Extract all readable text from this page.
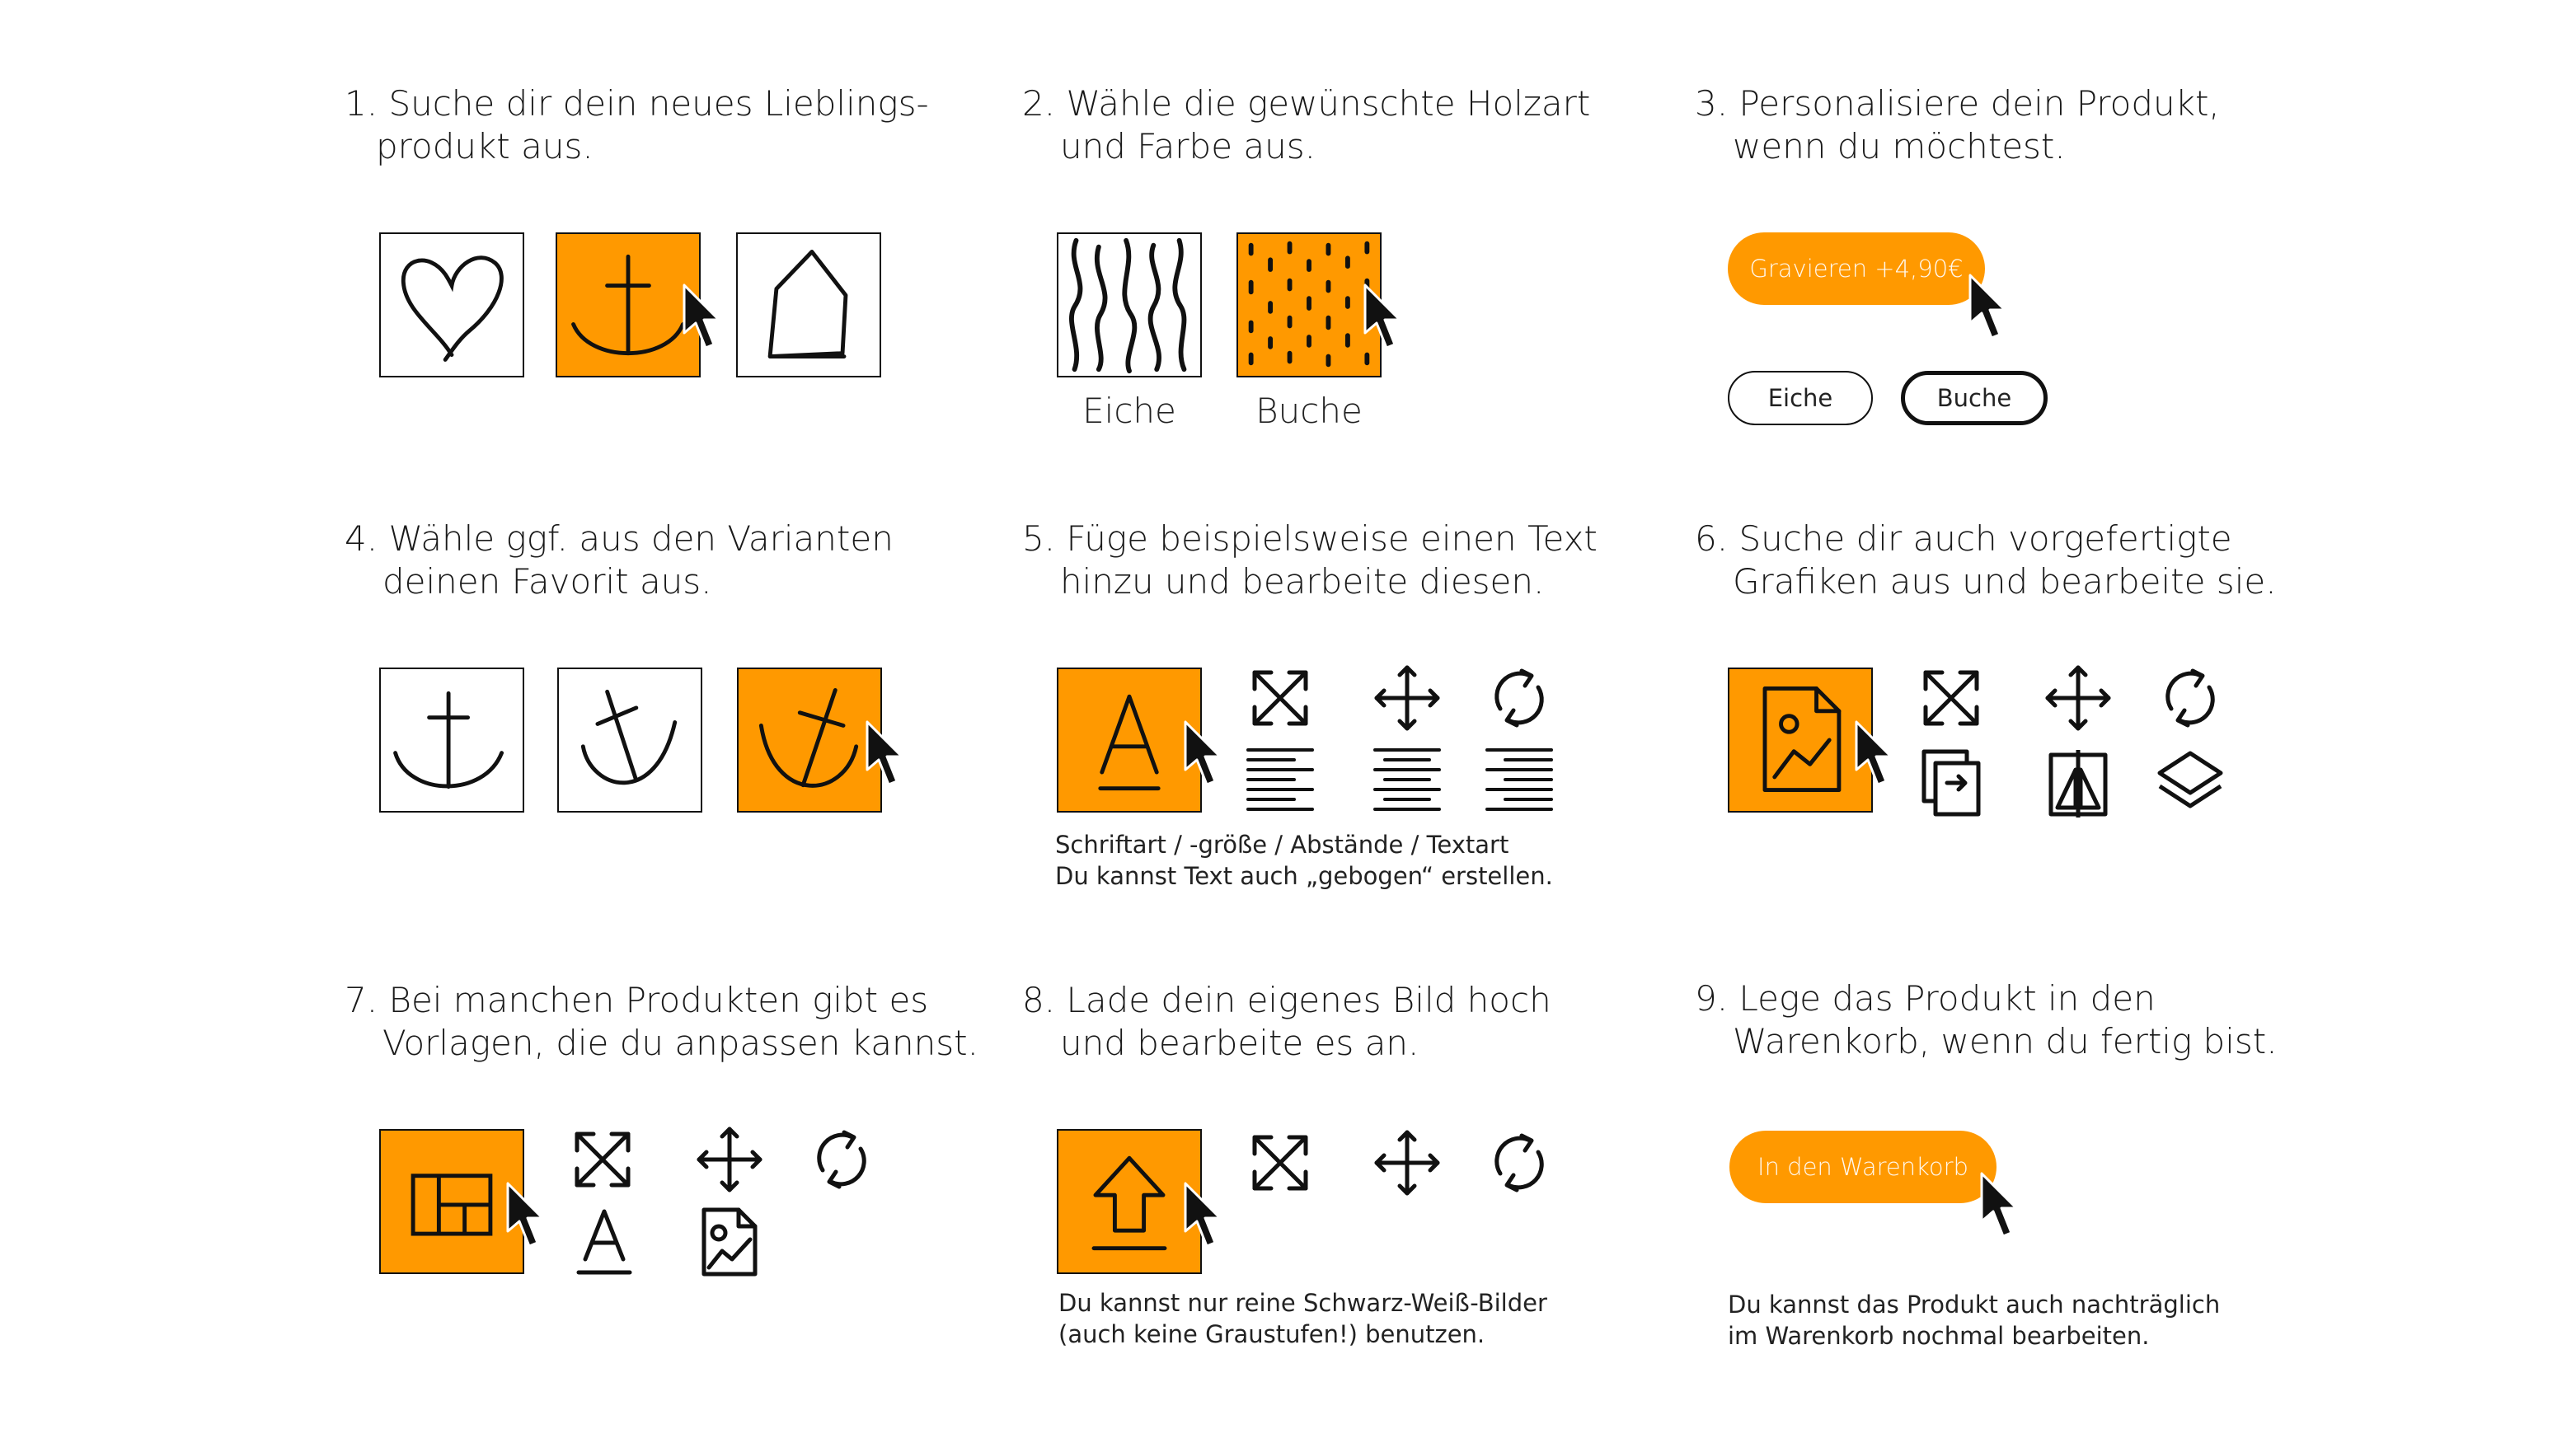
1. Suche dir dein neues Lieblings-
produkt aus.
2. Wähle die gewünschte Holzart
und Farbe aus.
Eiche	Buche
3. Personalisiere dein Produkt,
wenn du möchtest.
Gravieren +4,90€
Eiche	Buche
4. Wähle ggf. aus den Varianten
deinen Favorit aus.
5. Füge beispielsweise einen Text
hinzu und bearbeite diesen.
Schriftart / -größe / Abstände / Textart
Du kannst Text auch „gebogen“ erstellen.
6. Suche dir auch vorgefertigte
Grafiken aus und bearbeite sie.
7. Bei manchen Produkten gibt es
Vorlagen, die du anpassen kannst.
8. Lade dein eigenes Bild hoch
und bearbeite es an.
Du kannst nur reine Schwarz-Weiß-Bilder
(auch keine Graustufen!) benutzen.
9. Lege das Produkt in den
Warenkorb, wenn du fertig bist.
In den Warenkorb
Du kannst das Produkt auch nachträglich
im Warenkorb nochmal bearbeiten.
